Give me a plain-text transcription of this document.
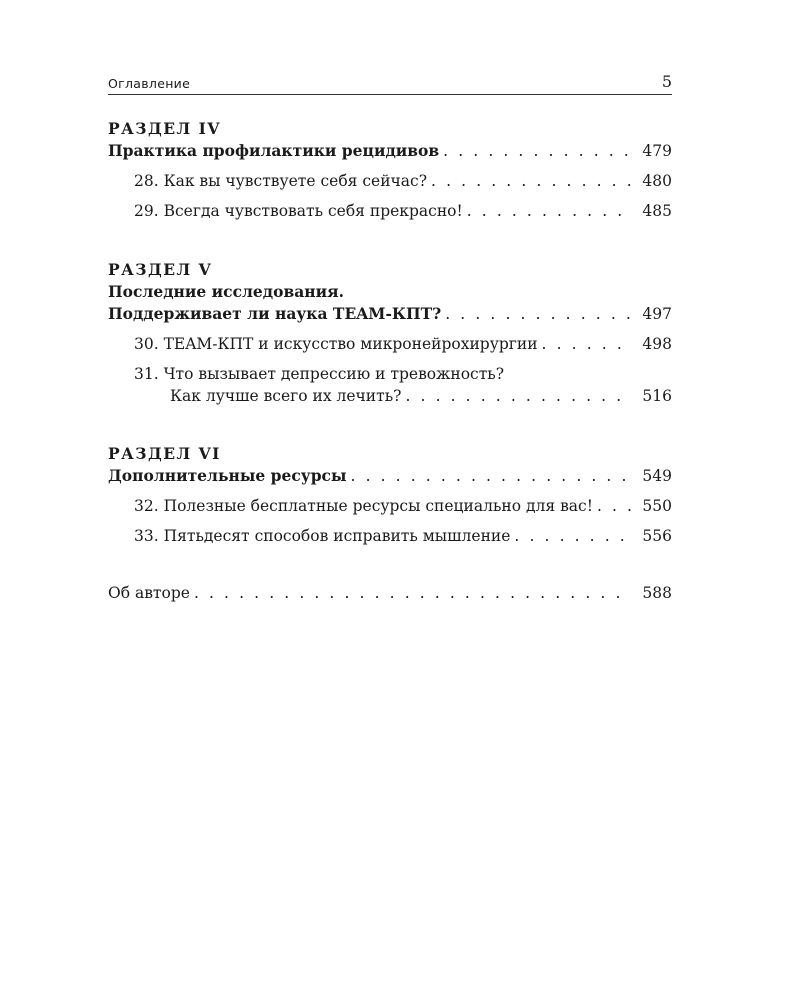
Оглавление	5
РАЗДЕЛ IV
Практика профилактики рецидивов . . .	479
28. Как вы чувствуете себя сейчас? . . .	480
29. Всегда чувствовать себя прекрасно! . . .	485
РАЗДЕЛ V
Последние исследования.
Поддерживает ли наука TEAM-КПТ? . . .	497
30. TEAM-КПТ и искусство микронейрохирургии . . .	498
31. Что вызывает депрессию и тревожность?
Как лучше всего их лечить? . . .	516
РАЗДЕЛ VI
Дополнительные ресурсы . . .	549
32. Полезные бесплатные ресурсы специально для вас! . . .	550
33. Пятьдесят способов исправить мышление . . .	556
Об авторе . . .	588
